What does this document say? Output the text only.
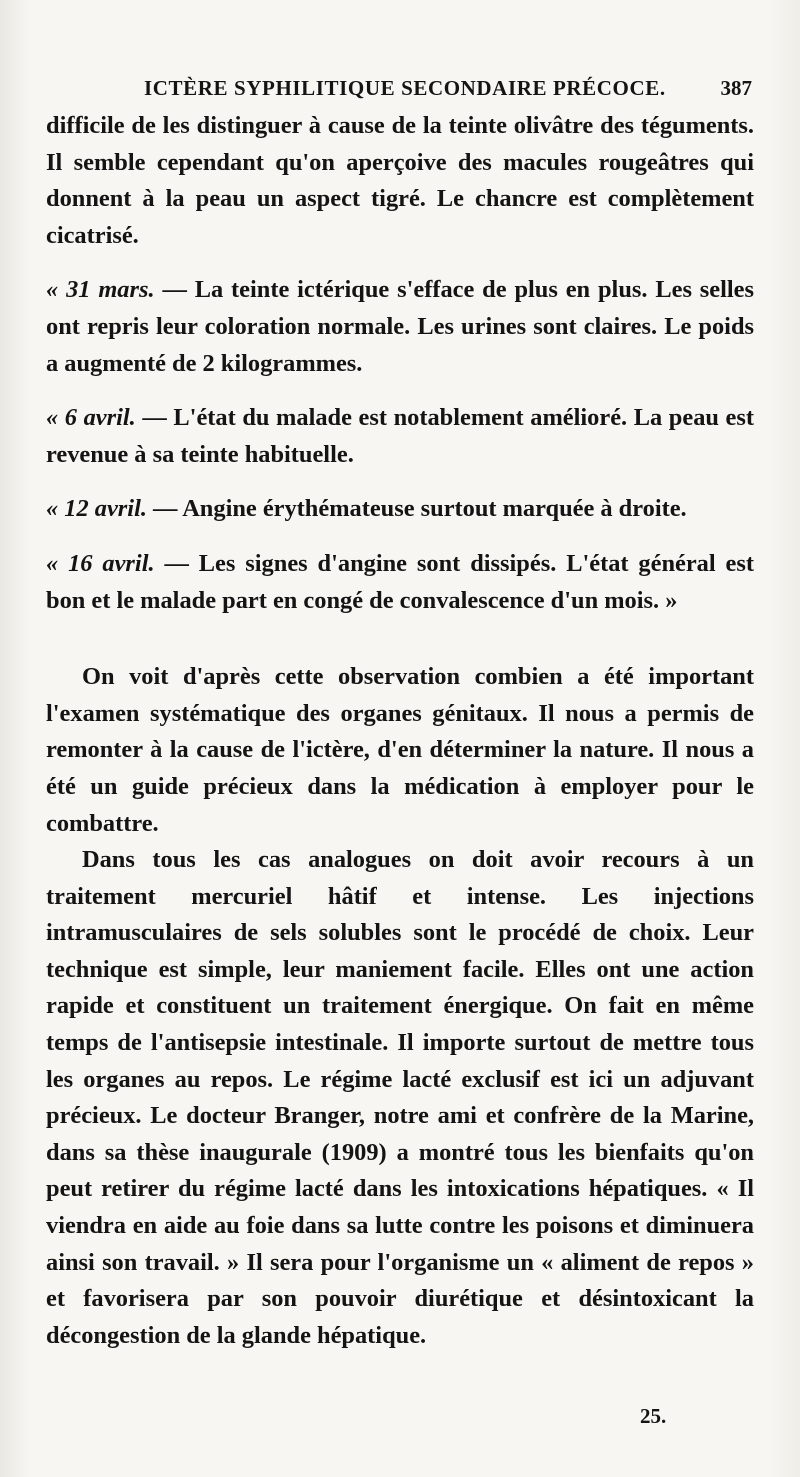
ICTÈRE SYPHILITIQUE SECONDAIRE PRÉCOCE.	387

difficile de les distinguer à cause de la teinte olivâtre des téguments. Il semble cependant qu'on aperçoive des macules rougeâtres qui donnent à la peau un aspect tigré. Le chancre est complètement cicatrisé.

« 31 mars. — La teinte ictérique s'efface de plus en plus. Les selles ont repris leur coloration normale. Les urines sont claires. Le poids a augmenté de 2 kilogrammes.

« 6 avril. — L'état du malade est notablement amélioré. La peau est revenue à sa teinte habituelle.

« 12 avril. — Angine érythémateuse surtout marquée à droite.

« 16 avril. — Les signes d'angine sont dissipés. L'état général est bon et le malade part en congé de convalescence d'un mois. »

On voit d'après cette observation combien a été important l'examen systématique des organes génitaux. Il nous a permis de remonter à la cause de l'ictère, d'en déterminer la nature. Il nous a été un guide précieux dans la médication à employer pour le combattre.

Dans tous les cas analogues on doit avoir recours à un traitement mercuriel hâtif et intense. Les injections intramusculaires de sels solubles sont le procédé de choix. Leur technique est simple, leur maniement facile. Elles ont une action rapide et constituent un traitement énergique. On fait en même temps de l'antisepsie intestinale. Il importe surtout de mettre tous les organes au repos. Le régime lacté exclusif est ici un adjuvant précieux. Le docteur Branger, notre ami et confrère de la Marine, dans sa thèse inaugurale (1909) a montré tous les bienfaits qu'on peut retirer du régime lacté dans les intoxications hépatiques. « Il viendra en aide au foie dans sa lutte contre les poisons et diminuera ainsi son travail. » Il sera pour l'organisme un « aliment de repos » et favorisera par son pouvoir diurétique et désintoxicant la décongestion de la glande hépatique.

25.
